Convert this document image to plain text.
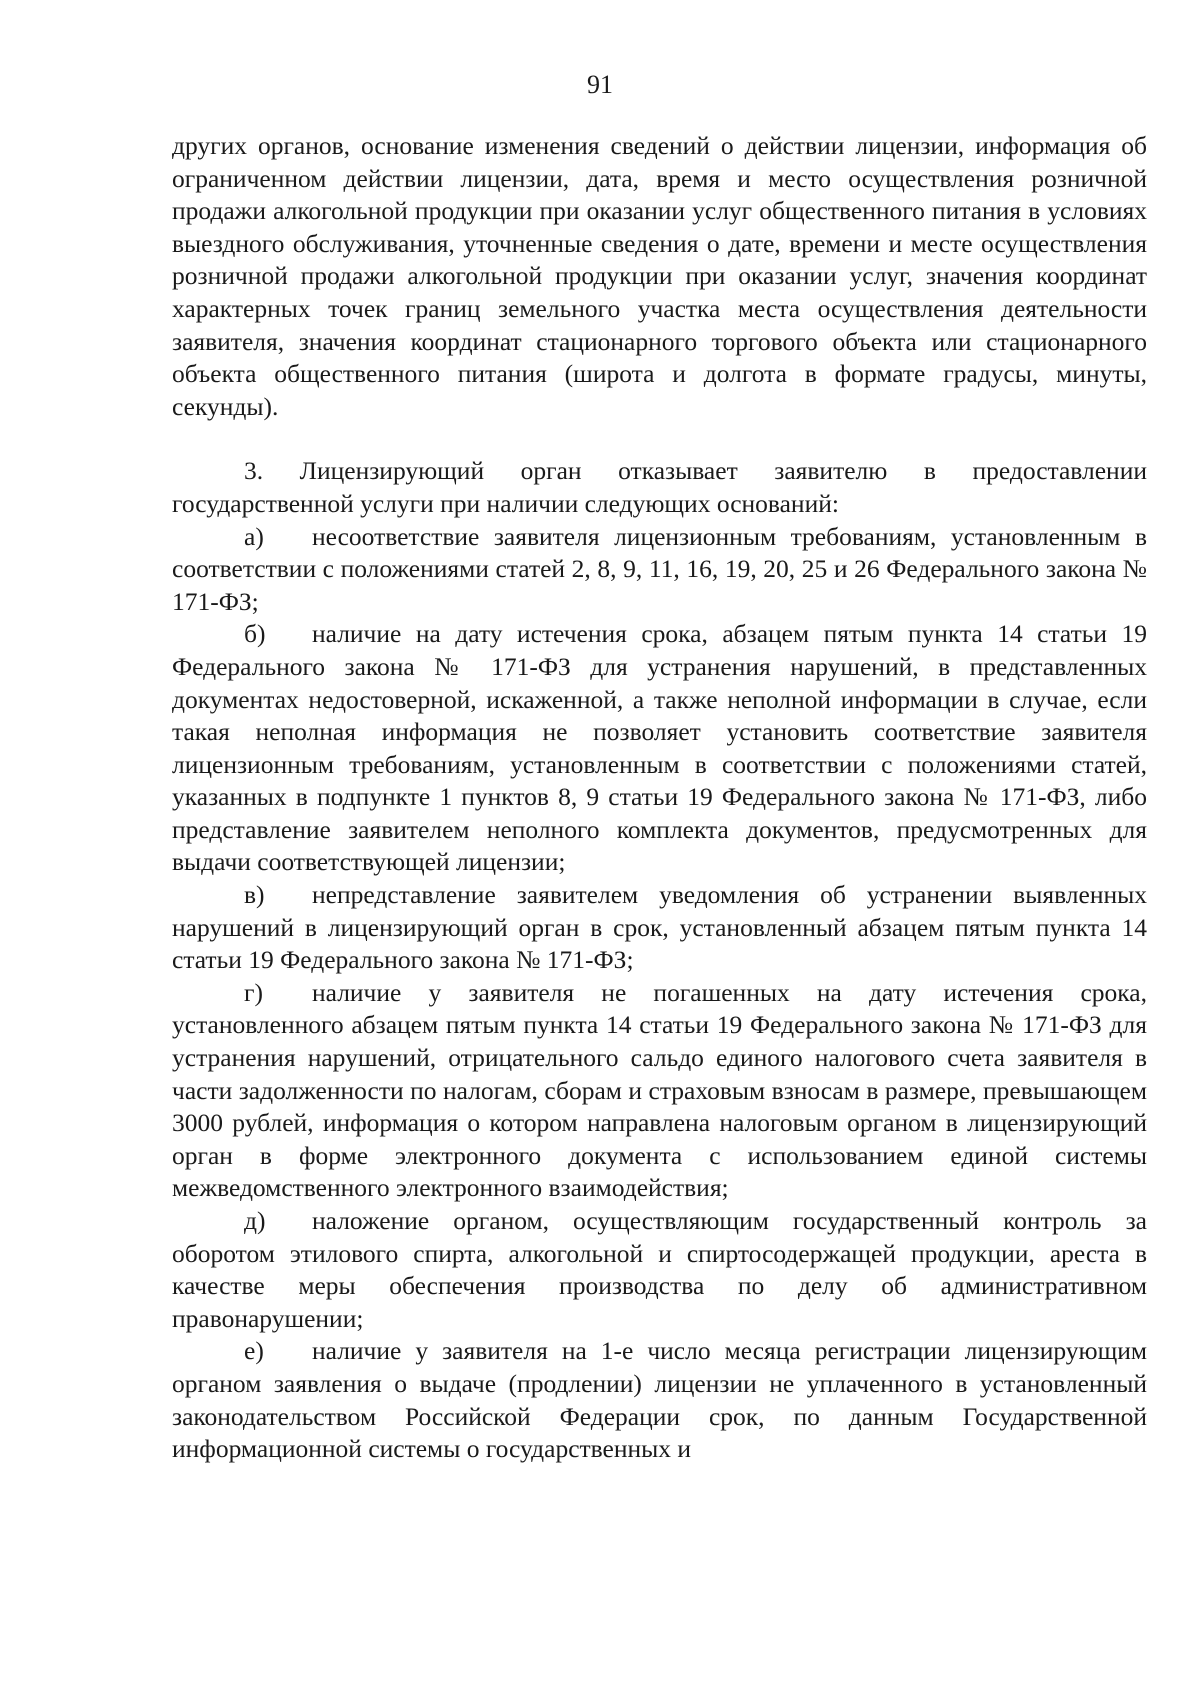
91

других органов, основание изменения сведений о действии лицензии, информация об ограниченном действии лицензии, дата, время и место осуществления розничной продажи алкогольной продукции при оказании услуг общественного питания в условиях выездного обслуживания, уточненные сведения о дате, времени и месте осуществления розничной продажи алкогольной продукции при оказании услуг, значения координат характерных точек границ земельного участка места осуществления деятельности заявителя, значения координат стационарного торгового объекта или стационарного объекта общественного питания (широта и долгота в формате градусы, минуты, секунды).

3. Лицензирующий орган отказывает заявителю в предоставлении государственной услуги при наличии следующих оснований:

а) несоответствие заявителя лицензионным требованиям, установленным в соответствии с положениями статей 2, 8, 9, 11, 16, 19, 20, 25 и 26 Федерального закона № 171-ФЗ;

б) наличие на дату истечения срока, абзацем пятым пункта 14 статьи 19 Федерального закона № 171-ФЗ для устранения нарушений, в представленных документах недостоверной, искаженной, а также неполной информации в случае, если такая неполная информация не позволяет установить соответствие заявителя лицензионным требованиям, установленным в соответствии с положениями статей, указанных в подпункте 1 пунктов 8, 9 статьи 19 Федерального закона № 171-ФЗ, либо представление заявителем неполного комплекта документов, предусмотренных для выдачи соответствующей лицензии;

в) непредставление заявителем уведомления об устранении выявленных нарушений в лицензирующий орган в срок, установленный абзацем пятым пункта 14 статьи 19 Федерального закона № 171-ФЗ;

г) наличие у заявителя не погашенных на дату истечения срока, установленного абзацем пятым пункта 14 статьи 19 Федерального закона № 171-ФЗ для устранения нарушений, отрицательного сальдо единого налогового счета заявителя в части задолженности по налогам, сборам и страховым взносам в размере, превышающем 3000 рублей, информация о котором направлена налоговым органом в лицензирующий орган в форме электронного документа с использованием единой системы межведомственного электронного взаимодействия;

д) наложение органом, осуществляющим государственный контроль за оборотом этилового спирта, алкогольной и спиртосодержащей продукции, ареста в качестве меры обеспечения производства по делу об административном правонарушении;

е) наличие у заявителя на 1-е число месяца регистрации лицензирующим органом заявления о выдаче (продлении) лицензии не уплаченного в установленный законодательством Российской Федерации срок, по данным Государственной информационной системы о государственных и
